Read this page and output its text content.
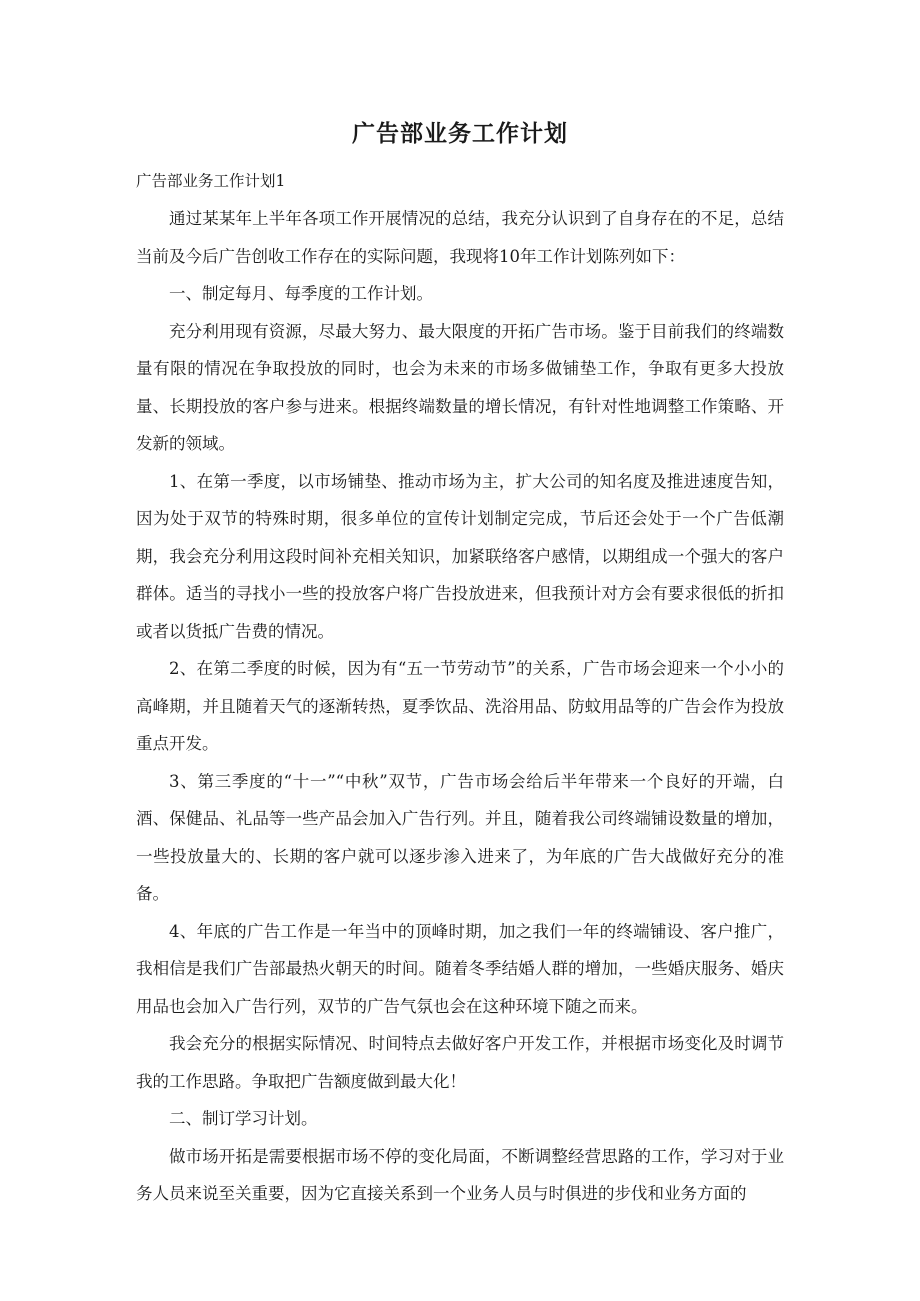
广告部业务工作计划
广告部业务工作计划1

通过某某年上半年各项工作开展情况的总结，我充分认识到了自身存在的不足，总结当前及今后广告创收工作存在的实际问题，我现将10年工作计划陈列如下：

一、制定每月、每季度的工作计划。

充分利用现有资源，尽最大努力、最大限度的开拓广告市场。鉴于目前我们的终端数量有限的情况在争取投放的同时，也会为未来的市场多做铺垫工作，争取有更多大投放量、长期投放的客户参与进来。根据终端数量的增长情况，有针对性地调整工作策略、开发新的领域。

1、在第一季度，以市场铺垫、推动市场为主，扩大公司的知名度及推进速度告知，因为处于双节的特殊时期，很多单位的宣传计划制定完成，节后还会处于一个广告低潮期，我会充分利用这段时间补充相关知识，加紧联络客户感情，以期组成一个强大的客户群体。适当的寻找小一些的投放客户将广告投放进来，但我预计对方会有要求很低的折扣或者以货抵广告费的情况。

2、在第二季度的时候，因为有“五一节劳动节”的关系，广告市场会迎来一个小小的高峰期，并且随着天气的逐渐转热，夏季饮品、洗浴用品、防蚊用品等的广告会作为投放重点开发。

3、第三季度的“十一”“中秋”双节，广告市场会给后半年带来一个良好的开端，白酒、保健品、礼品等一些产品会加入广告行列。并且，随着我公司终端铺设数量的增加，一些投放量大的、长期的客户就可以逐步渗入进来了，为年底的广告大战做好充分的准备。

4、年底的广告工作是一年当中的顶峰时期，加之我们一年的终端铺设、客户推广，我相信是我们广告部最热火朝天的时间。随着冬季结婚人群的增加，一些婚庆服务、婚庆用品也会加入广告行列，双节的广告气氛也会在这种环境下随之而来。

我会充分的根据实际情况、时间特点去做好客户开发工作，并根据市场变化及时调节我的工作思路。争取把广告额度做到最大化！

二、制订学习计划。

做市场开拓是需要根据市场不停的变化局面，不断调整经营思路的工作，学习对于业务人员来说至关重要，因为它直接关系到一个业务人员与时俱进的步伐和业务方面的
